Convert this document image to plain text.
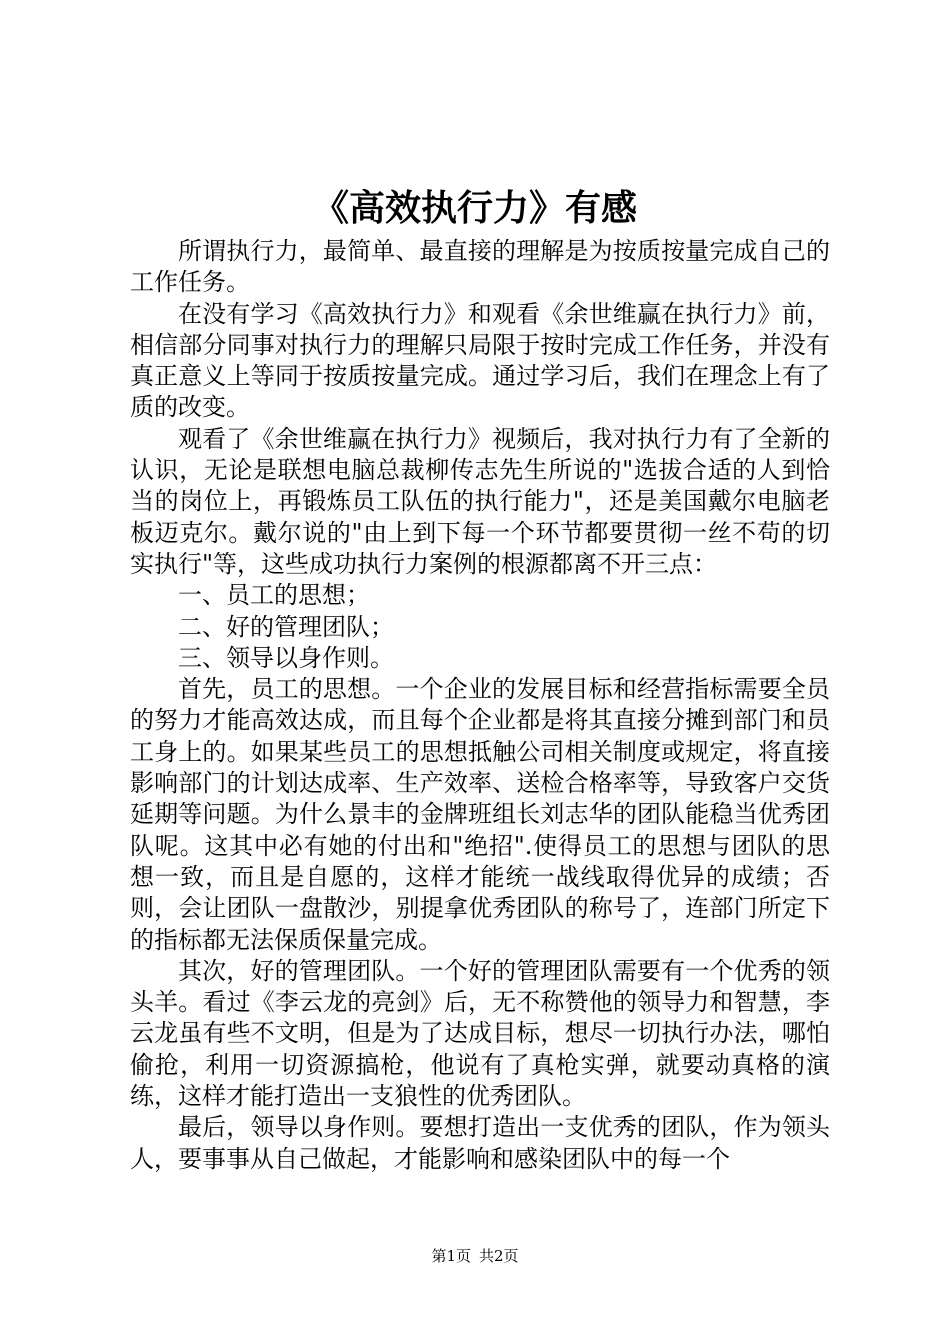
《高效执行力》有感

所谓执行力，最简单、最直接的理解是为按质按量完成自己的工作任务。

在没有学习《高效执行力》和观看《余世维赢在执行力》前，相信部分同事对执行力的理解只局限于按时完成工作任务，并没有真正意义上等同于按质按量完成。通过学习后，我们在理念上有了质的改变。

观看了《余世维赢在执行力》视频后，我对执行力有了全新的认识，无论是联想电脑总裁柳传志先生所说的"选拔合适的人到恰当的岗位上，再锻炼员工队伍的执行能力"，还是美国戴尔电脑老板迈克尔。戴尔说的"由上到下每一个环节都要贯彻一丝不苟的切实执行"等，这些成功执行力案例的根源都离不开三点：

一、员工的思想；

二、好的管理团队；

三、领导以身作则。

首先，员工的思想。一个企业的发展目标和经营指标需要全员的努力才能高效达成，而且每个企业都是将其直接分摊到部门和员工身上的。如果某些员工的思想抵触公司相关制度或规定，将直接影响部门的计划达成率、生产效率、送检合格率等，导致客户交货延期等问题。为什么景丰的金牌班组长刘志华的团队能稳当优秀团队呢。这其中必有她的付出和"绝招".使得员工的思想与团队的思想一致，而且是自愿的，这样才能统一战线取得优异的成绩；否则，会让团队一盘散沙，别提拿优秀团队的称号了，连部门所定下的指标都无法保质保量完成。

其次，好的管理团队。一个好的管理团队需要有一个优秀的领头羊。看过《李云龙的亮剑》后，无不称赞他的领导力和智慧，李云龙虽有些不文明，但是为了达成目标，想尽一切执行办法，哪怕偷抢，利用一切资源搞枪，他说有了真枪实弹，就要动真格的演练，这样才能打造出一支狼性的优秀团队。

最后，领导以身作则。要想打造出一支优秀的团队，作为领头人，要事事从自己做起，才能影响和感染团队中的每一个

第1页 共2页
